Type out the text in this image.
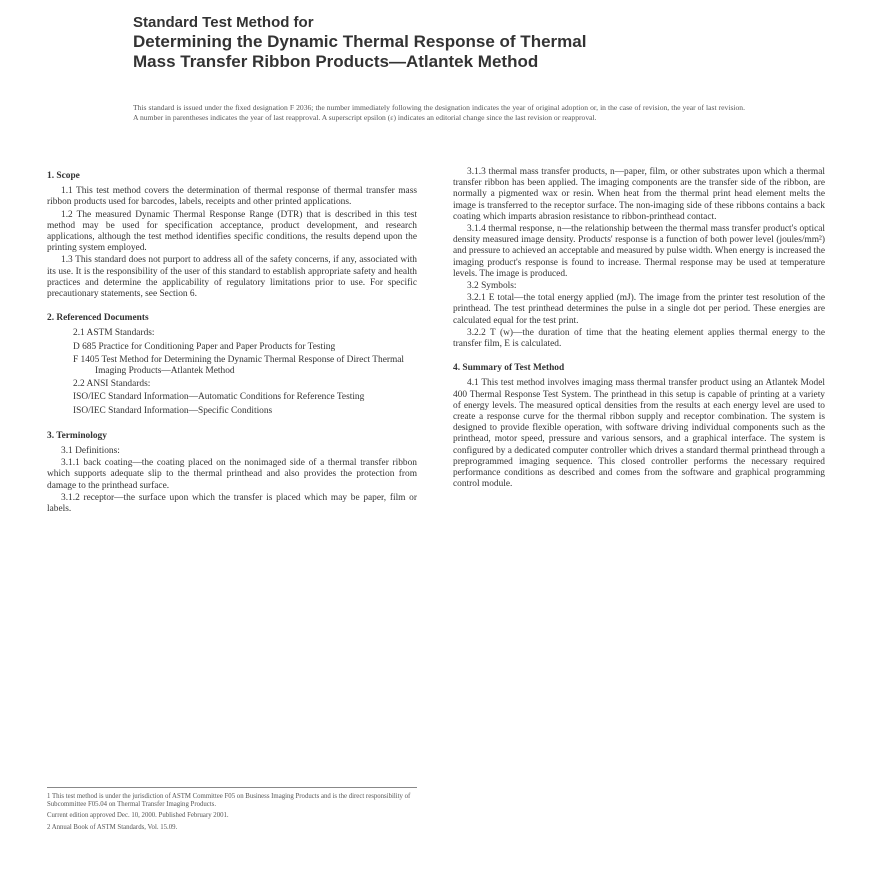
Standard Test Method for
Determining the Dynamic Thermal Response of Thermal
Mass Transfer Ribbon Products—Atlantek Method
This standard is issued under the fixed designation F 2036; the number immediately following the designation indicates the year of original adoption or, in the case of revision, the year of last revision. A number in parentheses indicates the year of last reapproval. A superscript epsilon (ε) indicates an editorial change since the last revision or reapproval.
1. Scope
1.1 This test method covers the determination of thermal response of thermal transfer mass ribbon products used for barcodes, labels, receipts and other printed applications.
1.2 The measured Dynamic Thermal Response Range (DTR) that is described in this test method may be used for specification acceptance, product development, and research applications, although the test method identifies specific conditions, the results depend upon the printing system employed.
1.3 This standard does not purport to address all of the safety concerns, if any, associated with its use. It is the responsibility of the user of this standard to establish appropriate safety and health practices and determine the applicability of regulatory limitations prior to use. For specific precautionary statements, see Section 6.
2. Referenced Documents
2.1 ASTM Standards:
D 685 Practice for Conditioning Paper and Paper Products for Testing
F 1405 Test Method for Determining the Dynamic Thermal Response of Direct Thermal Imaging Products—Atlantek Method
2.2 ANSI Standards:
ISO/IEC Standard Information—Automatic Conditions for Reference Testing
ISO/IEC Standard Information—Specific Conditions
3. Terminology
3.1 Definitions:
3.1.1 back coating—the coating placed on the nonimaged side of a thermal transfer ribbon which supports adequate slip to the thermal printhead and also provides the protection from damage to the printhead surface.
3.1.2 receptor—the surface upon which the transfer is placed which may be paper, film or labels.
1 This test method is under the jurisdiction of ASTM Committee F05 on Business Imaging Products and is the direct responsibility of Subcommittee F05.04 on Thermal Transfer Imaging Products.
Current edition approved Dec. 10, 2000. Published February 2001.
2 Annual Book of ASTM Standards, Vol. 15.09.
3.1.3 thermal mass transfer products, n—paper, film, or other substrates upon which a thermal transfer ribbon has been applied. The imaging components are the transfer side of the ribbon, are normally a pigmented wax or resin. When heat from the thermal print head element melts the image is transferred to the receptor surface. The non-imaging side of these ribbons contains a back coating which imparts abrasion resistance to ribbon-printhead contact.
3.1.4 thermal response, n—the relationship between the thermal mass transfer product's optical density measured image density. Products' response is a function of both power level (joules/mm²) and pressure to achieved an acceptable and measured by pulse width. When energy is increased the imaging product's response is found to increase. Thermal response may be used at temperature levels. The image is produced.
3.2 Symbols:
3.2.1 E total—the total energy applied (mJ). The image from the printer test resolution of the printhead. The test printhead determines the pulse in a single dot per period. These energies are calculated equal for the test print.
3.2.2 T (w)—the duration of time that the heating element applies thermal energy to the transfer film, E is calculated.
4. Summary of Test Method
4.1 This test method involves imaging mass thermal transfer product using an Atlantek Model 400 Thermal Response Test System. The printhead in this setup is capable of printing at a variety of energy levels. The measured optical densities from the results at each energy level are used to create a response curve for the thermal ribbon supply and receptor combination. The system is designed to provide flexible operation, with software driving individual components such as the printhead, motor speed, pressure and various sensors, and a graphical interface. The system is configured by a dedicated computer controller which drives a standard thermal printhead through a preprogrammed imaging sequence. This closed controller performs the necessary required performance conditions as described and comes from the software and graphical programming control module.
